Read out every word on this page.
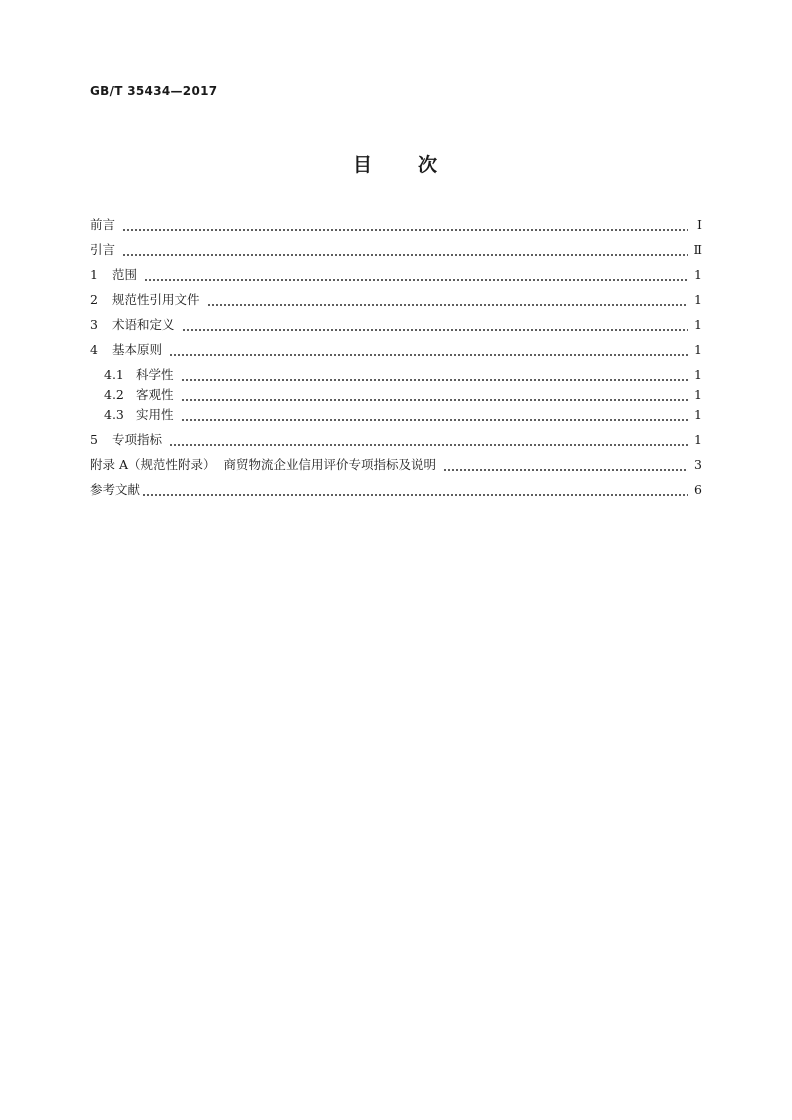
GB/T 35434—2017
目 次
前言	Ⅰ
引言	Ⅱ
1	范围	1
2	规范性引用文件	1
3	术语和定义	1
4	基本原则	1
4.1 科学性	1
4.2 客观性	1
4.3 实用性	1
5	专项指标	1
附录 A（规范性附录）  商贸物流企业信用评价专项指标及说明	3
参考文献	6
